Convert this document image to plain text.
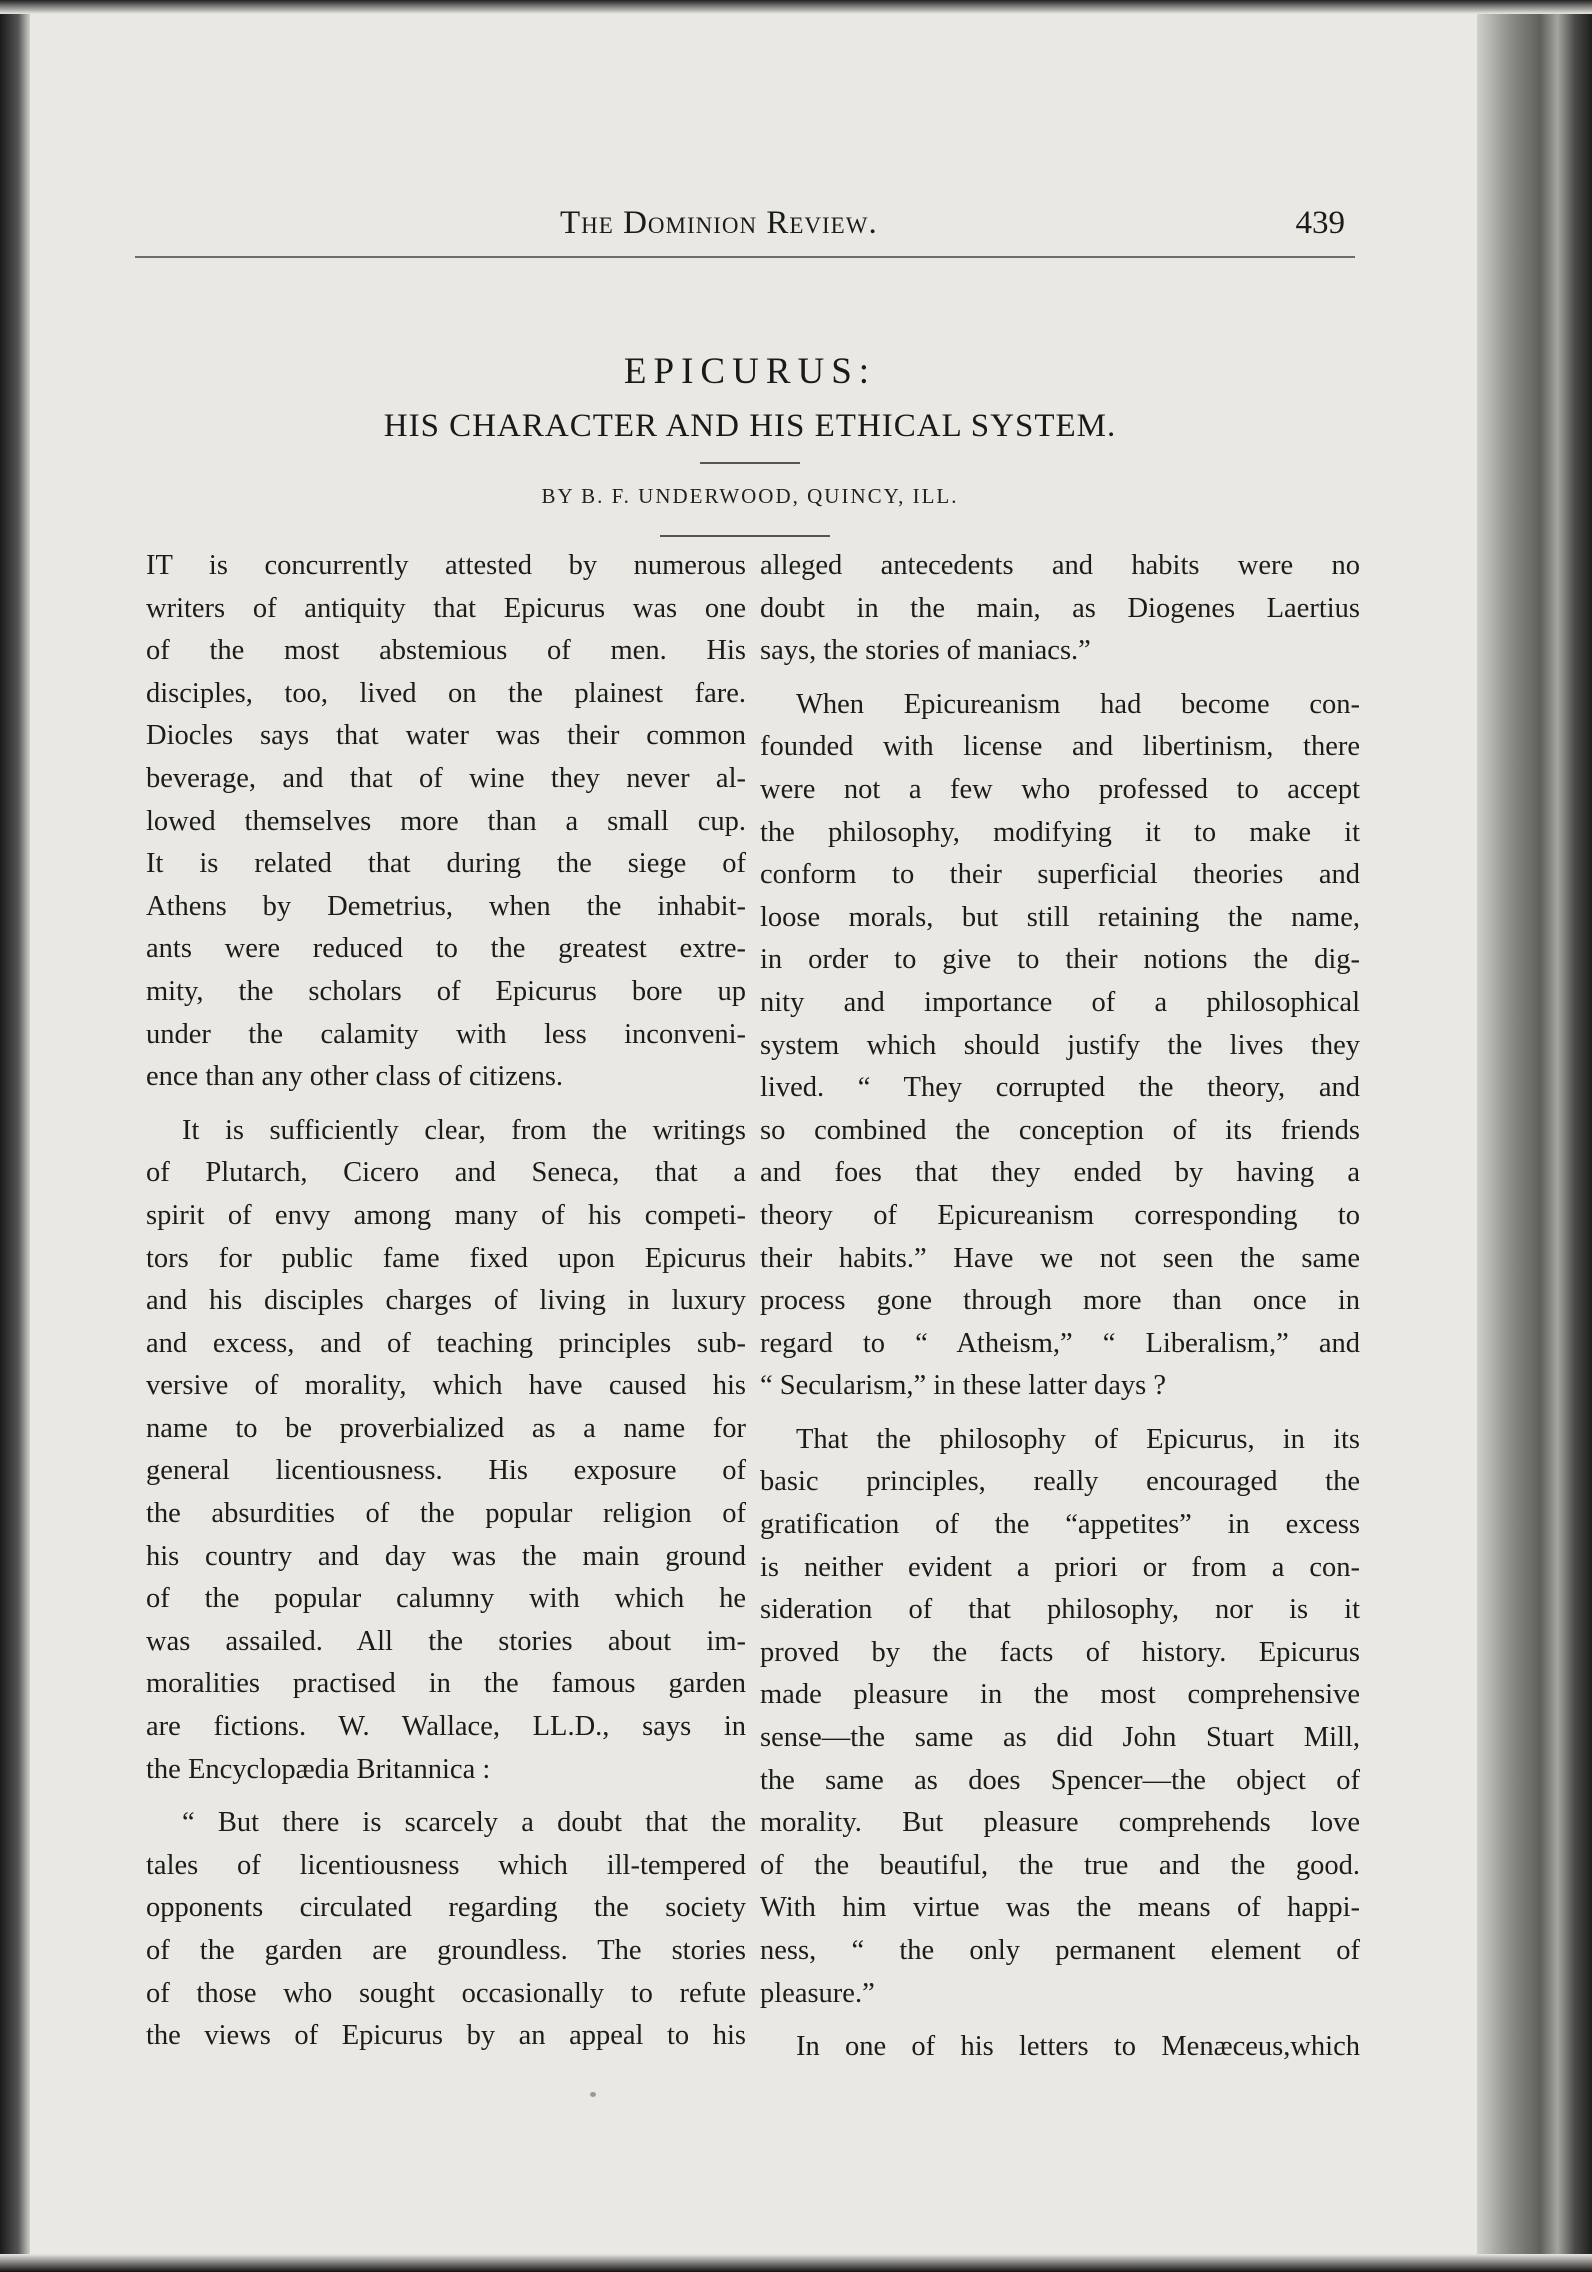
The Dominion Review.	439
EPICURUS:
HIS CHARACTER AND HIS ETHICAL SYSTEM.
BY B. F. UNDERWOOD, QUINCY, ILL.
IT is concurrently attested by numerous
writers of antiquity that Epicurus was one
of the most abstemious of men. His
disciples, too, lived on the plainest fare.
Diocles says that water was their common
beverage, and that of wine they never al-
lowed themselves more than a small cup.
It is related that during the siege of
Athens by Demetrius, when the inhabit-
ants were reduced to the greatest extre-
mity, the scholars of Epicurus bore up
under the calamity with less inconveni-
ence than any other class of citizens.
It is sufficiently clear, from the writings
of Plutarch, Cicero and Seneca, that a
spirit of envy among many of his competi-
tors for public fame fixed upon Epicurus
and his disciples charges of living in luxury
and excess, and of teaching principles sub-
versive of morality, which have caused his
name to be proverbialized as a name for
general licentiousness. His exposure of
the absurdities of the popular religion of
his country and day was the main ground
of the popular calumny with which he
was assailed. All the stories about im-
moralities practised in the famous garden
are fictions. W. Wallace, LL.D., says in
the Encyclopædia Britannica :
“ But there is scarcely a doubt that the
tales of licentiousness which ill-tempered
opponents circulated regarding the society
of the garden are groundless. The stories
of those who sought occasionally to refute
the views of Epicurus by an appeal to his
alleged antecedents and habits were no
doubt in the main, as Diogenes Laertius
says, the stories of maniacs.”
When Epicureanism had become con-
founded with license and libertinism, there
were not a few who professed to accept
the philosophy, modifying it to make it
conform to their superficial theories and
loose morals, but still retaining the name,
in order to give to their notions the dig-
nity and importance of a philosophical
system which should justify the lives they
lived. “ They corrupted the theory, and
so combined the conception of its friends
and foes that they ended by having a
theory of Epicureanism corresponding to
their habits.” Have we not seen the same
process gone through more than once in
regard to “ Atheism,” “ Liberalism,” and
“ Secularism,” in these latter days ?
That the philosophy of Epicurus, in its
basic principles, really encouraged the
gratification of the “appetites” in excess
is neither evident a priori or from a con-
sideration of that philosophy, nor is it
proved by the facts of history. Epicurus
made pleasure in the most comprehensive
sense—the same as did John Stuart Mill,
the same as does Spencer—the object of
morality. But pleasure comprehends love
of the beautiful, the true and the good.
With him virtue was the means of happi-
ness, “ the only permanent element of
pleasure.”
In one of his letters to Menæceus,which
